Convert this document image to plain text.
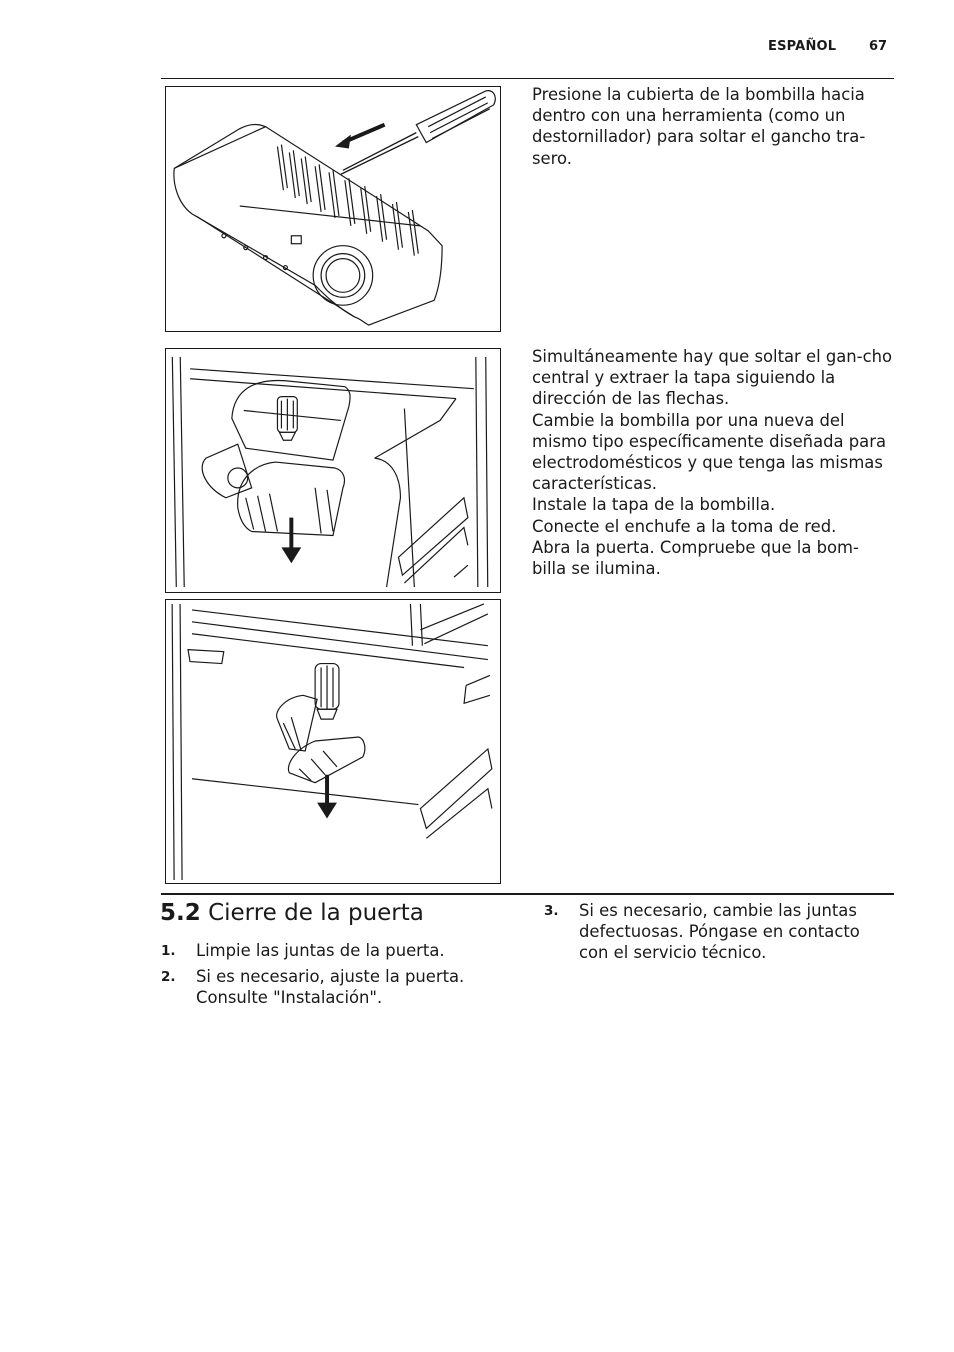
ESPAÑOL	67

Presione la cubierta de la bombilla hacia dentro con una herramienta (como un destornillador) para soltar el gancho tra-sero.

Simultáneamente hay que soltar el gan-cho central y extraer la tapa siguiendo la dirección de las flechas.
Cambie la bombilla por una nueva del mismo tipo específicamente diseñada para electrodomésticos y que tenga las mismas características.
Instale la tapa de la bombilla.
Conecte el enchufe a la toma de red.
Abra la puerta. Compruebe que la bom-billa se ilumina.

5.2 Cierre de la puerta
1. Limpie las juntas de la puerta.
2. Si es necesario, ajuste la puerta. Consulte "Instalación".
3. Si es necesario, cambie las juntas defectuosas. Póngase en contacto con el servicio técnico.
